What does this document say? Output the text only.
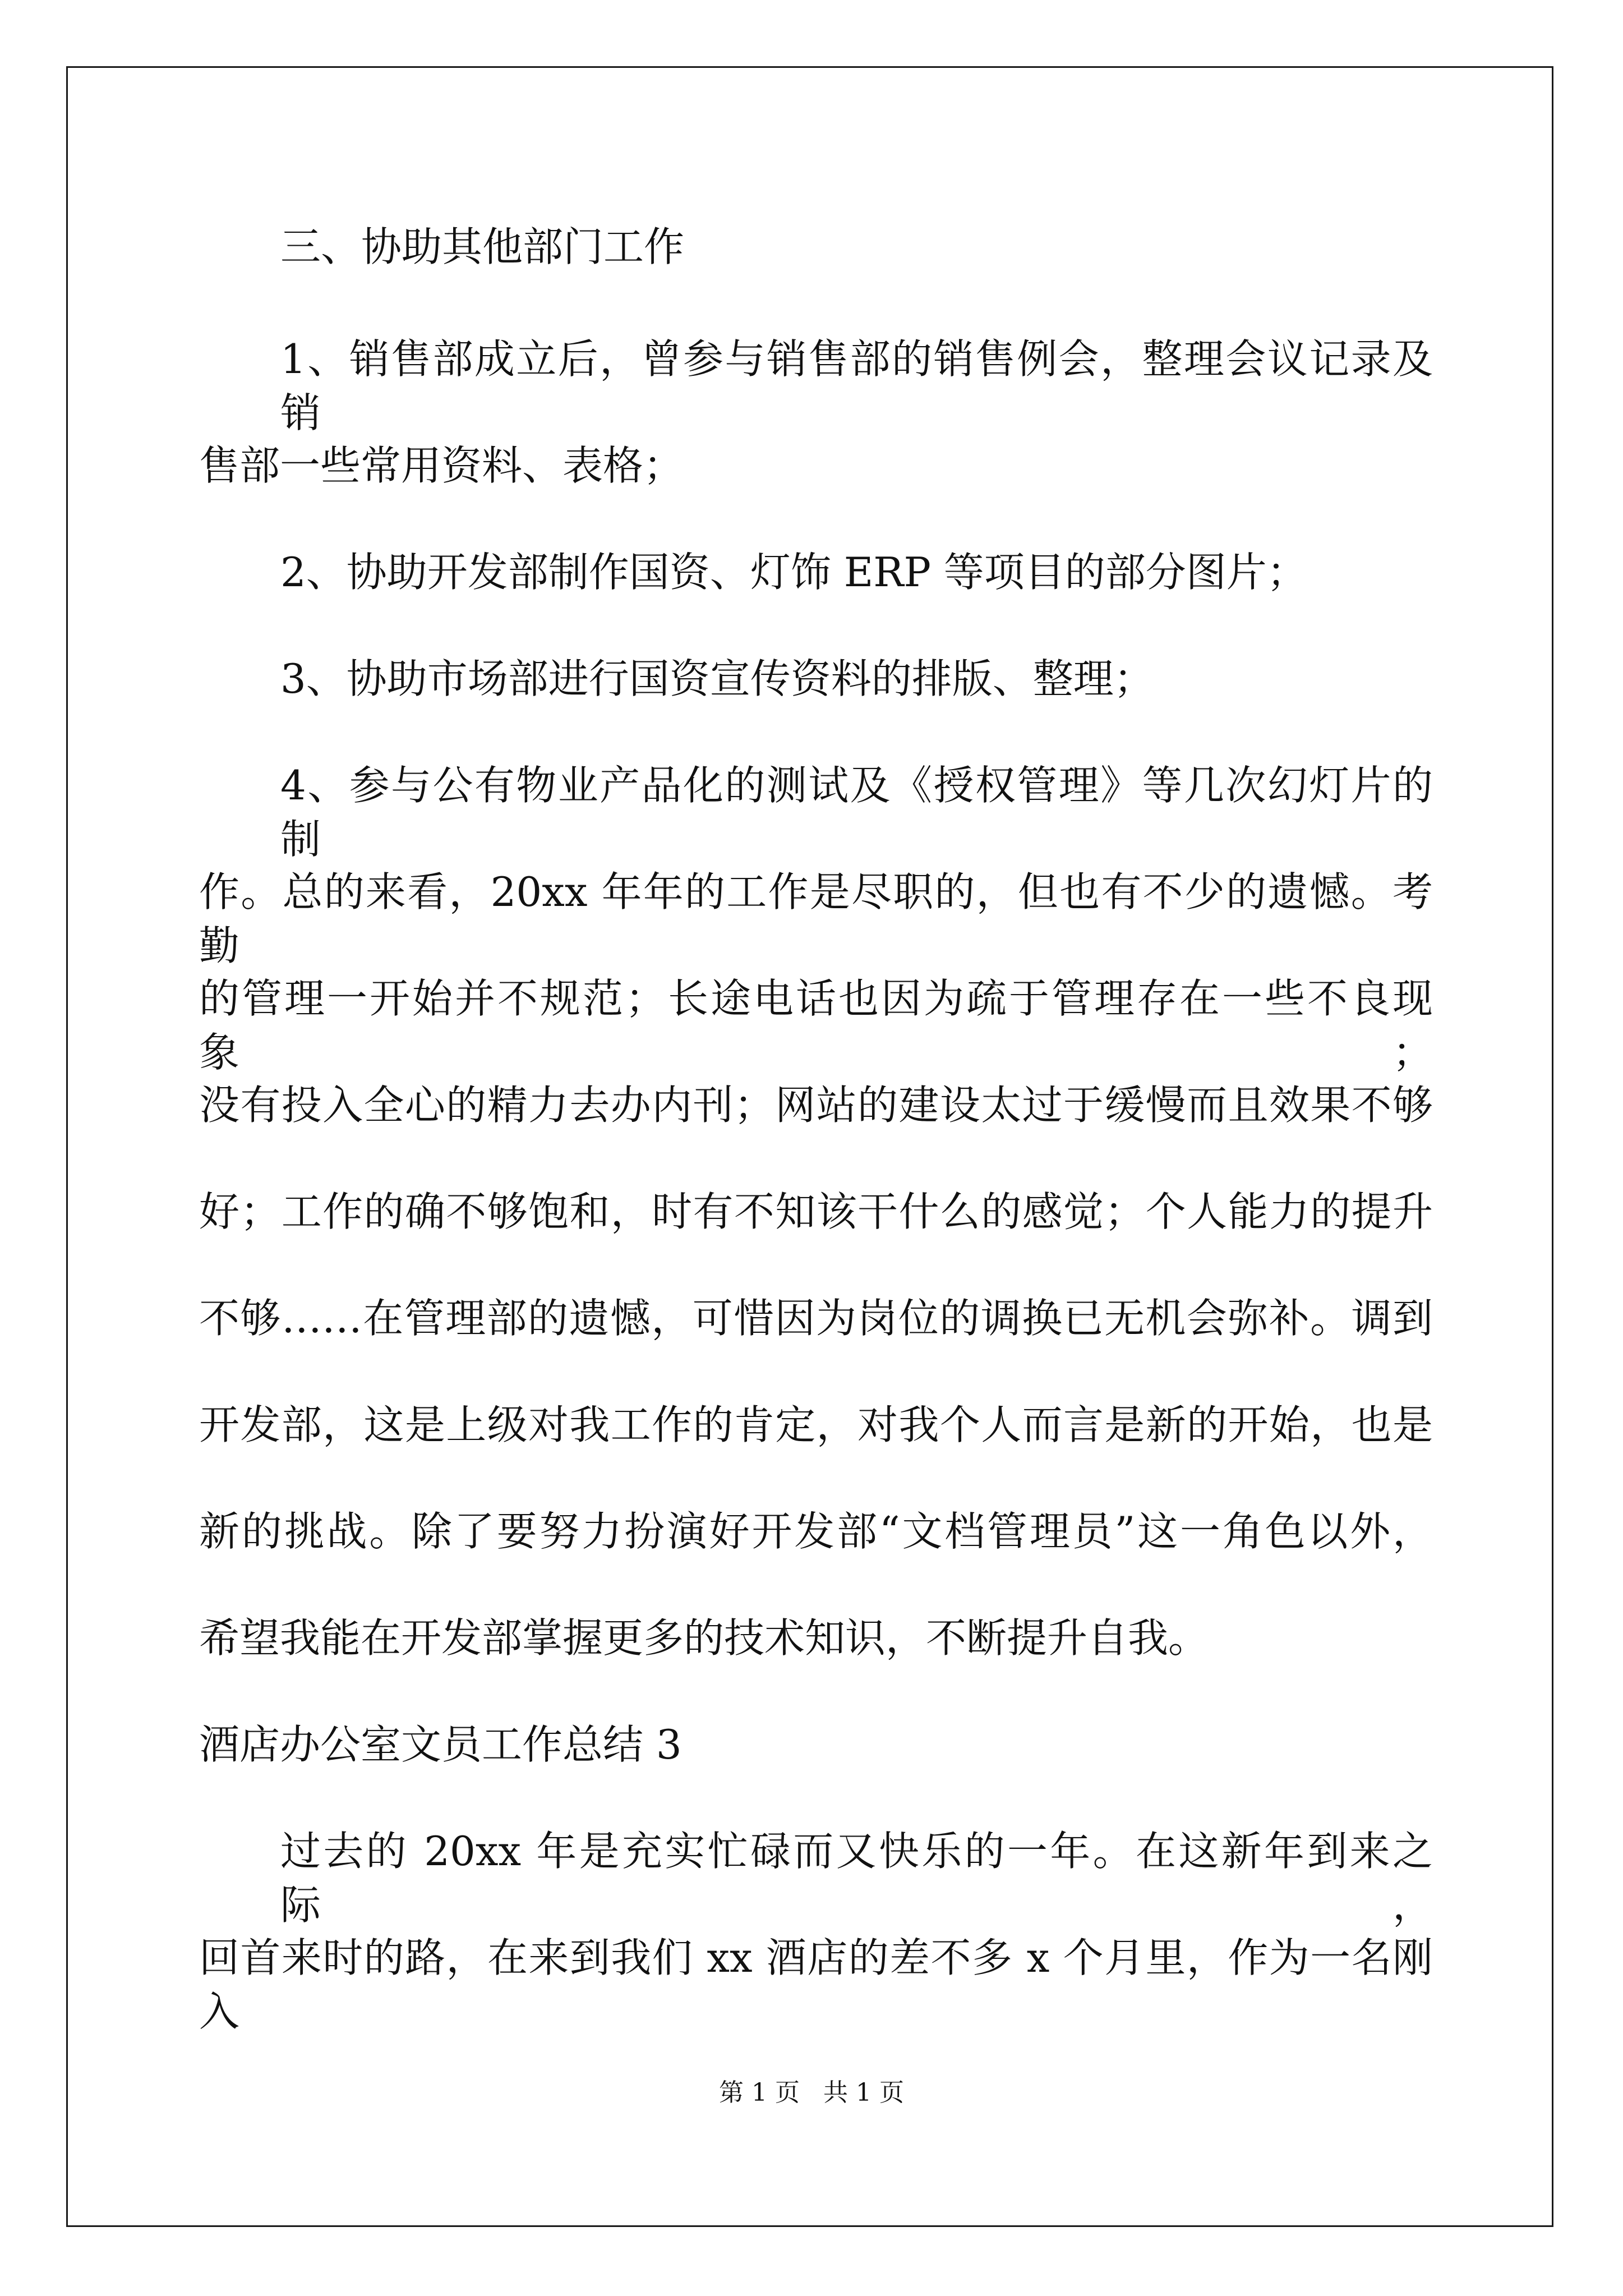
三、协助其他部门工作
1、销售部成立后，曾参与销售部的销售例会，整理会议记录及销
售部一些常用资料、表格；
2、协助开发部制作国资、灯饰 ERP 等项目的部分图片；
3、协助市场部进行国资宣传资料的排版、整理；
4、参与公有物业产品化的测试及《授权管理》等几次幻灯片的制
作。总的来看，20xx 年年的工作是尽职的，但也有不少的遗憾。考勤
的管理一开始并不规范；长途电话也因为疏于管理存在一些不良现象；
没有投入全心的精力去办内刊；网站的建设太过于缓慢而且效果不够
好；工作的确不够饱和，时有不知该干什么的感觉；个人能力的提升
不够……在管理部的遗憾，可惜因为岗位的调换已无机会弥补。调到
开发部，这是上级对我工作的肯定，对我个人而言是新的开始，也是
新的挑战。除了要努力扮演好开发部“文档管理员”这一角色以外，
希望我能在开发部掌握更多的技术知识，不断提升自我。
酒店办公室文员工作总结 3
过去的 20xx 年是充实忙碌而又快乐的一年。在这新年到来之际，
回首来时的路，在来到我们 xx 酒店的差不多 x 个月里，作为一名刚入
第 1 页   共 1 页
